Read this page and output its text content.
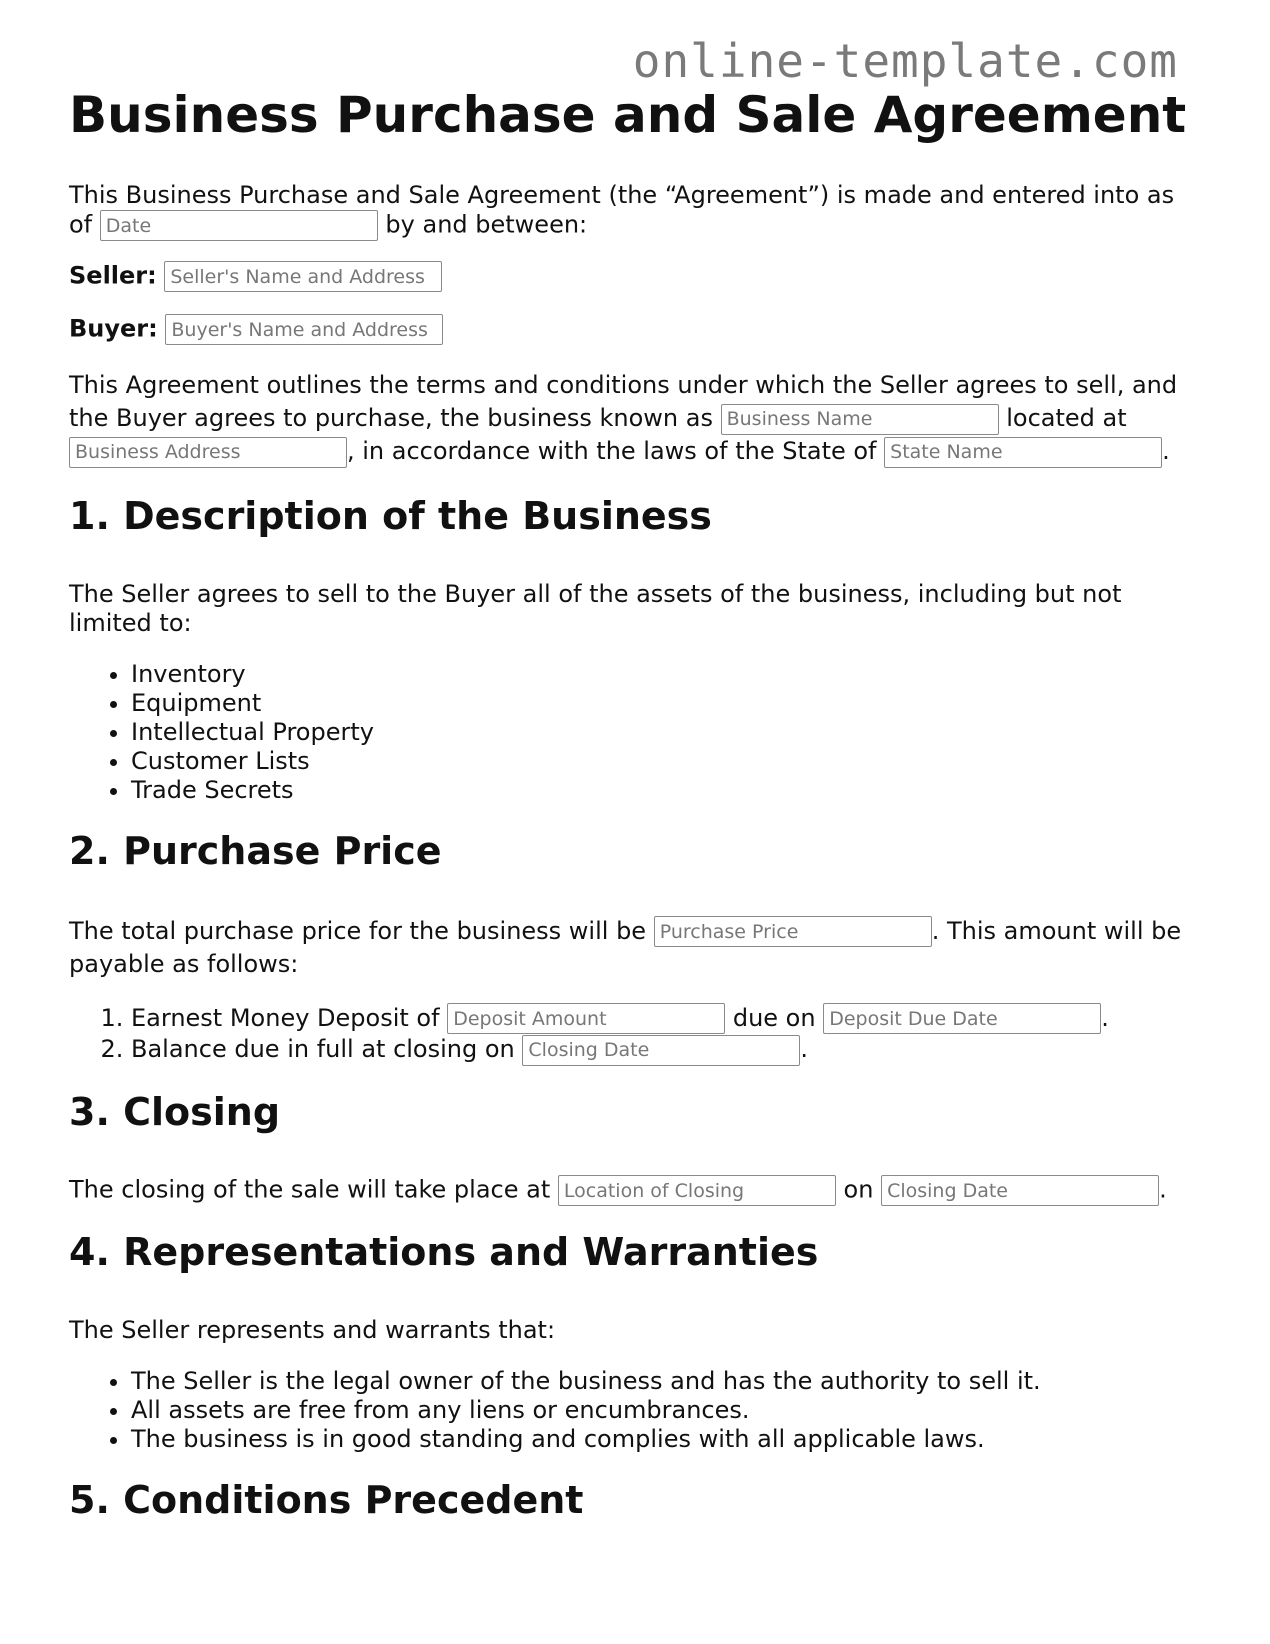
online-template.com
Business Purchase and Sale Agreement

This Business Purchase and Sale Agreement (the “Agreement”) is made and entered into as of Date	by and between:

Seller: Seller's Name and Address

Buyer: Buyer's Name and Address

This Agreement outlines the terms and conditions under which the Seller agrees to sell, and the Buyer agrees to purchase, the business known as Business Name	located at Business Address, in accordance with the laws of the State of State Name	.

1. Description of the Business

The Seller agrees to sell to the Buyer all of the assets of the business, including but not limited to:

• Inventory
• Equipment
• Intellectual Property
• Customer Lists
• Trade Secrets
2. Purchase Price

The total purchase price for the business will be Purchase Price	. This amount will be payable as follows:

1. Earnest Money Deposit of Deposit Amount	due on Deposit Due Date	.
2. Balance due in full at closing on Closing Date	.
3. Closing

The closing of the sale will take place at Location of Closing	on Closing Date	.

4. Representations and Warranties

The Seller represents and warrants that:

• The Seller is the legal owner of the business and has the authority to sell it.
• All assets are free from any liens or encumbrances.
• The business is in good standing and complies with all applicable laws.
5. Conditions Precedent
